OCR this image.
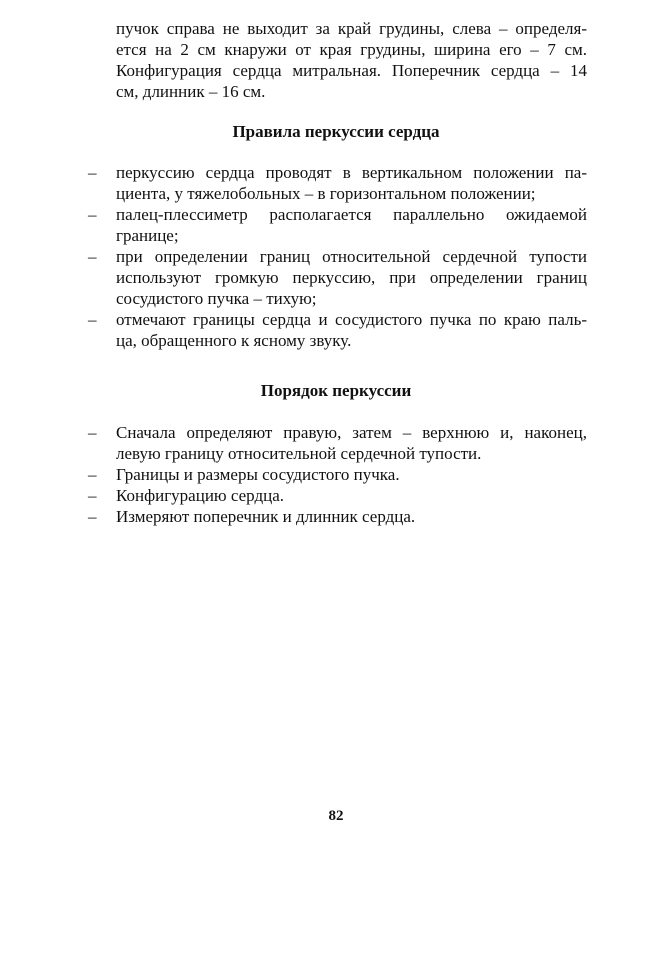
пучок справа не выходит за край грудины, слева – определя-
ется на 2 см кнаружи от края грудины, ширина его – 7 см.
Конфигурация сердца митральная. Поперечник сердца – 14
см, длинник – 16 см.
Правила перкуссии сердца
– перкуссию сердца проводят в вертикальном положении па-
циента, у тяжелобольных – в горизонтальном положении;
– палец-плессиметр располагается параллельно ожидаемой
границе;
– при определении границ относительной сердечной тупости
используют громкую перкуссию, при определении границ
сосудистого пучка – тихую;
– отмечают границы сердца и сосудистого пучка по краю паль-
ца, обращенного к ясному звуку.
Порядок перкуссии
– Сначала определяют правую, затем – верхнюю и, наконец,
левую границу относительной сердечной тупости.
– Границы и размеры сосудистого пучка.
– Конфигурацию сердца.
– Измеряют поперечник и длинник сердца.
82
